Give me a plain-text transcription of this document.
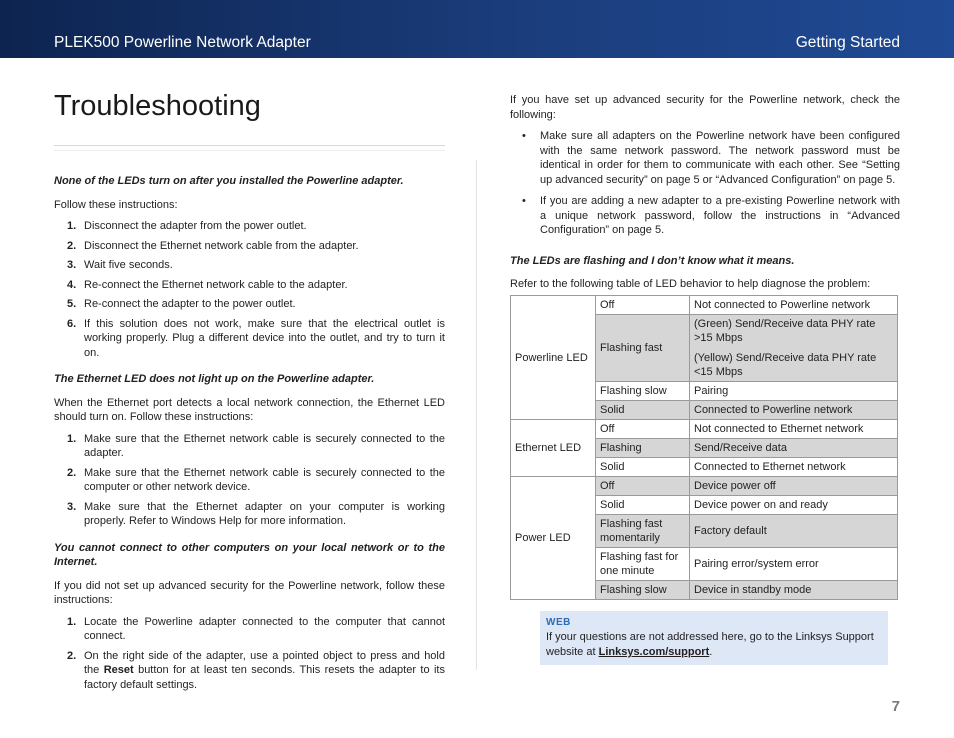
PLEK500 Powerline Network Adapter	Getting Started
Troubleshooting
None of the LEDs turn on after you installed the Powerline adapter.
Follow these instructions:
1. Disconnect the adapter from the power outlet.
2. Disconnect the Ethernet network cable from the adapter.
3. Wait five seconds.
4. Re-connect the Ethernet network cable to the adapter.
5. Re-connect the adapter to the power outlet.
6. If this solution does not work, make sure that the electrical outlet is working properly. Plug a different device into the outlet, and try to turn it on.
The Ethernet LED does not light up on the Powerline adapter.
When the Ethernet port detects a local network connection, the Ethernet LED should turn on. Follow these instructions:
1. Make sure that the Ethernet network cable is securely connected to the adapter.
2. Make sure that the Ethernet network cable is securely connected to the computer or other network device.
3. Make sure that the Ethernet adapter on your computer is working properly. Refer to Windows Help for more information.
You cannot connect to other computers on your local network or to the Internet.
If you did not set up advanced security for the Powerline network, follow these instructions:
1. Locate the Powerline adapter connected to the computer that cannot connect.
2. On the right side of the adapter, use a pointed object to press and hold the Reset button for at least ten seconds. This resets the adapter to its factory default settings.
If you have set up advanced security for the Powerline network, check the following:
• Make sure all adapters on the Powerline network have been configured with the same network password. The network password must be identical in order for them to communicate with each other. See “Setting up advanced security” on page 5 or “Advanced Configuration” on page 5.
• If you are adding a new adapter to a pre-existing Powerline network with a unique network password, follow the instructions in “Advanced Configuration” on page 5.
The LEDs are flashing and I don’t know what it means.
Refer to the following table of LED behavior to help diagnose the problem:
Powerline LED	Off	Not connected to Powerline network
	Flashing fast	(Green) Send/Receive data PHY rate >15 Mbps

(Yellow) Send/Receive data PHY rate <15 Mbps

	Flashing slow	Pairing
	Solid	Connected to Powerline network
Ethernet LED	Off	Not connected to Ethernet network
	Flashing	Send/Receive data
	Solid	Connected to Ethernet network
Power LED	Off	Device power off
	Solid	Device power on and ready
	Flashing fast momentarily	Factory default
	Flashing fast for one minute	Pairing error/system error
	Flashing slow	Device in standby mode
WEB
If your questions are not addressed here, go to the Linksys Support website at Linksys.com/support.
7
